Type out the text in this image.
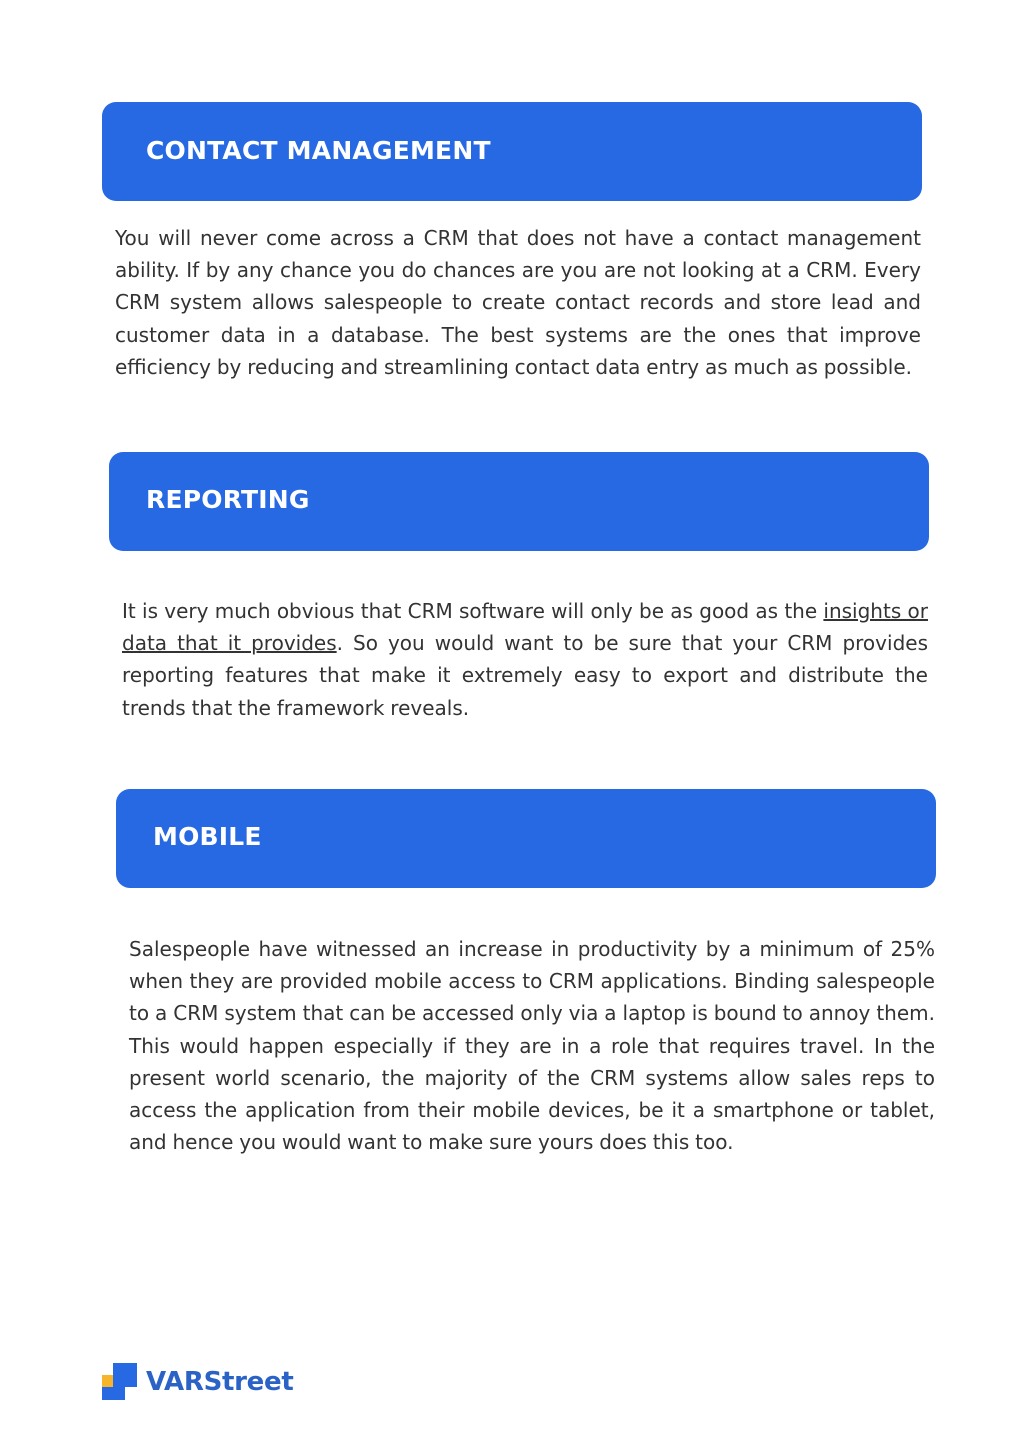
CONTACT MANAGEMENT

You will never come across a CRM that does not have a contact management ability. If by any chance you do chances are you are not looking at a CRM. Every CRM system allows salespeople to create contact records and store lead and customer data in a database. The best systems are the ones that improve efficiency by reducing and streamlining contact data entry as much as possible.

REPORTING

It is very much obvious that CRM software will only be as good as the insights or data that it provides. So you would want to be sure that your CRM provides reporting features that make it extremely easy to export and distribute the trends that the framework reveals.

MOBILE

Salespeople have witnessed an increase in productivity by a minimum of 25% when they are provided mobile access to CRM applications. Binding salespeople to a CRM system that can be accessed only via a laptop is bound to annoy them. This would happen especially if they are in a role that requires travel. In the present world scenario, the majority of the CRM systems allow sales reps to access the application from their mobile devices, be it a smartphone or tablet, and hence you would want to make sure yours does this too.

VARStreet
